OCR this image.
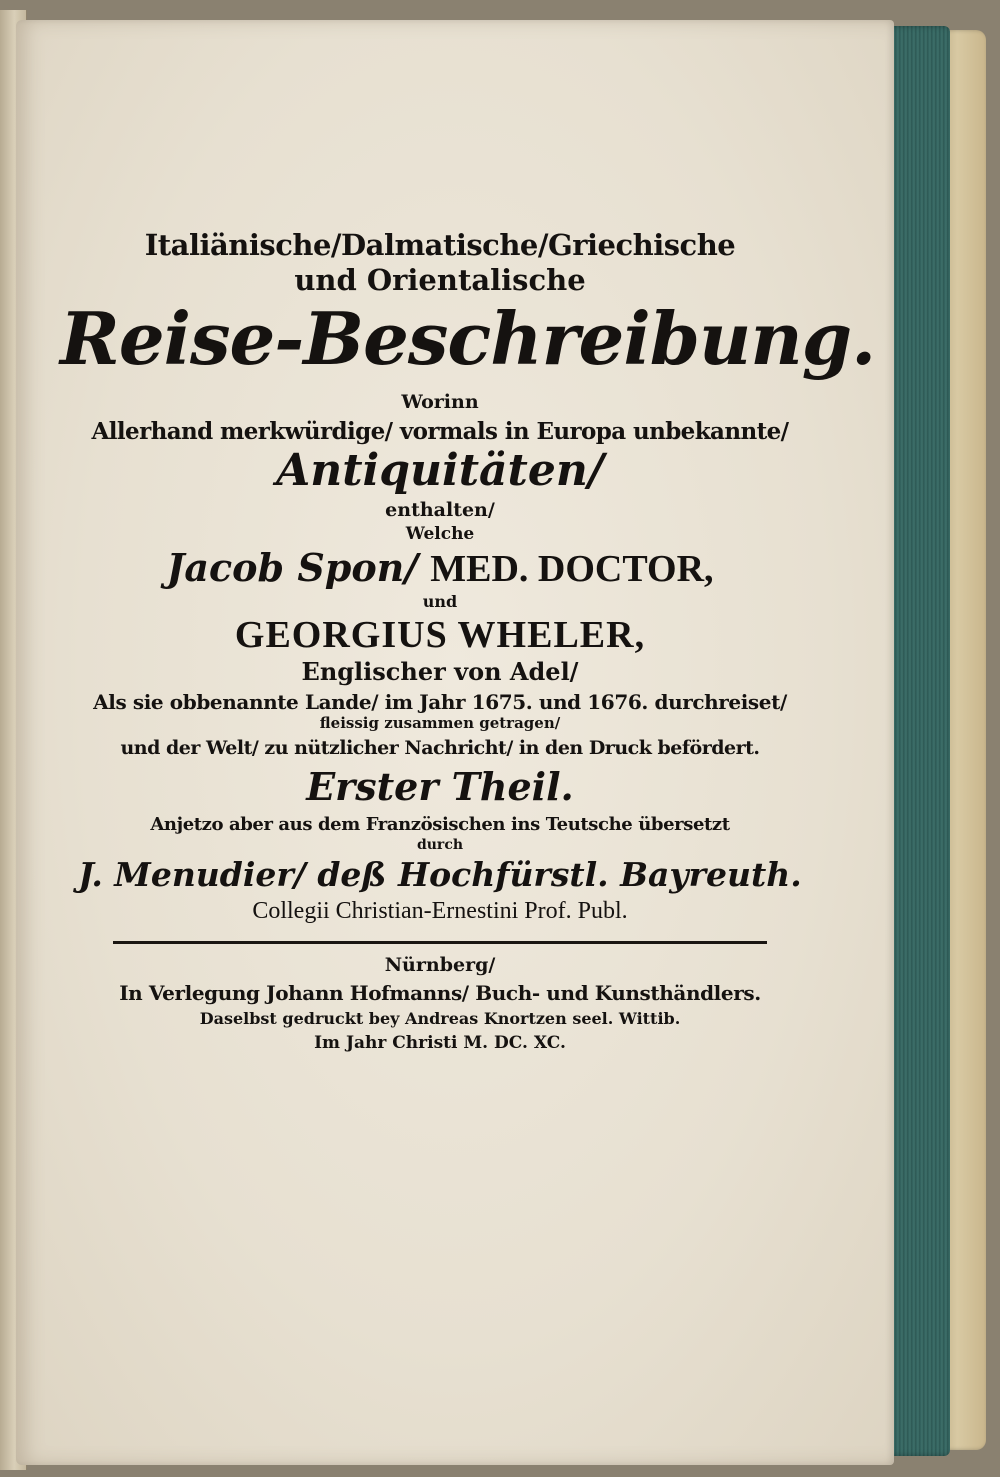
Italiänische/Dalmatische/Griechische
und Orientalische
Reise-Beschreibung.
Worinn
Allerhand merkwürdige/ vormals in Europa unbekannte/
Antiquitäten/
enthalten/
Welche
Jacob Spon/ MED. DOCTOR,
und
GEORGIUS WHELER,
Englischer von Adel/
Als sie obbenannte Lande/ im Jahr 1675. und 1676. durchreiset/
fleissig zusammen getragen/
und der Welt/ zu nützlicher Nachricht/ in den Druck befördert.
Erster Theil.
Anjetzo aber aus dem Französischen ins Teutsche übersetzt
durch
J. Menudier/ deß Hochfürstl. Bayreuth.
Collegii Christian-Ernestini Prof. Publ.
Nürnberg/
In Verlegung Johann Hofmanns/ Buch- und Kunsthändlers.
Daselbst gedruckt bey Andreas Knortzen seel. Wittib.
Im Jahr Christi M. DC. XC.
